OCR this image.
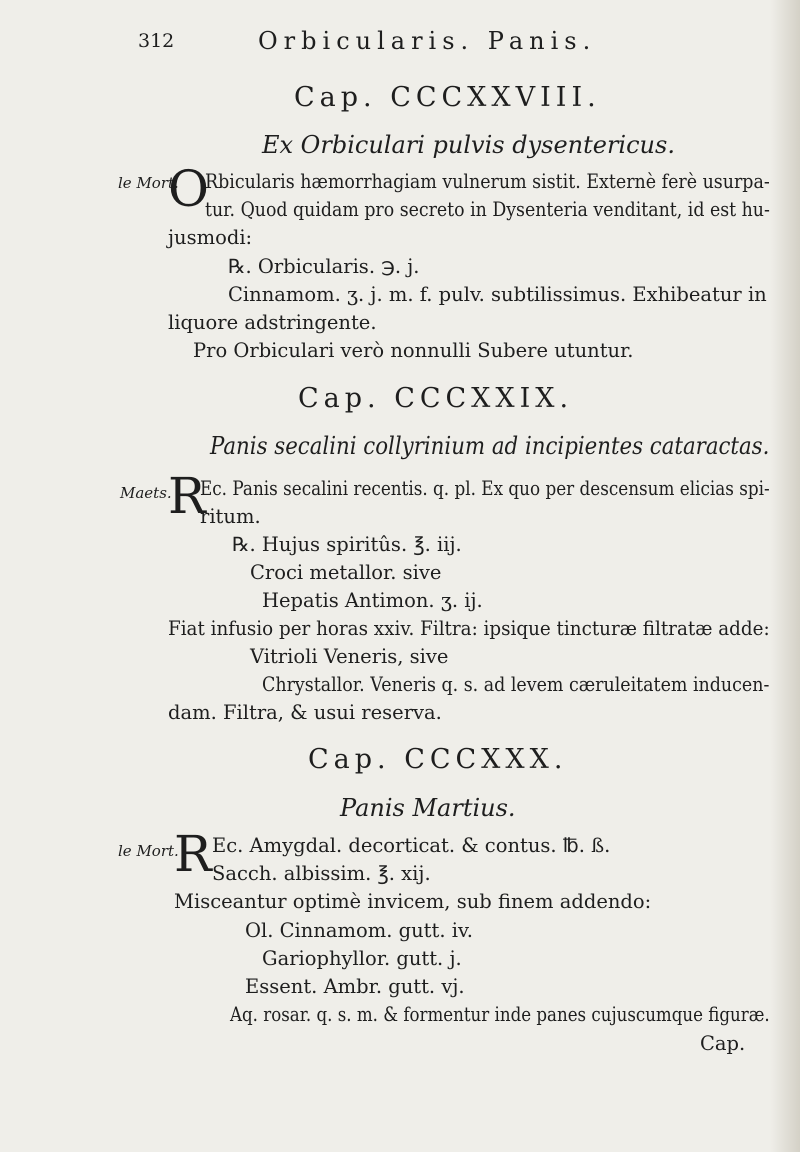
312	Orbicularis. Panis.
Cap. CCCXXVIII.
Ex Orbiculari pulvis dysentericus.
le Mort.
O
Rbicularis hæmorrhagiam vulnerum sistit. Externè ferè usurpa-
tur. Quod quidam pro secreto in Dysenteria venditant, id est hu-
jusmodi:
℞. Orbicularis. ℈. j.
Cinnamom. ʒ. j. m. f. pulv. subtilissimus. Exhibeatur in
liquore adstringente.
Pro Orbiculari verò nonnulli Subere utuntur.
Cap. CCCXXIX.
Panis secalini collyrinium ad incipientes cataractas.
Maets.
R
Ec. Panis secalini recentis. q. pl. Ex quo per descensum elicias spi-
ritum.
℞. Hujus spiritûs. ℥. iij.
Croci metallor. sive
Hepatis Antimon. ʒ. ij.
Fiat infusio per horas xxiv. Filtra: ipsique tincturæ filtratæ adde:
Vitrioli Veneris, sive
Chrystallor. Veneris q. s. ad levem cæruleitatem inducen-
dam. Filtra, & usui reserva.
Cap. CCCXXX.
Panis Martius.
le Mort.
R Ec. Amygdal. decorticat. & contus. ℔. ß.
Sacch. albissim. ℥. xij.
Misceantur optimè invicem, sub finem addendo:
Ol. Cinnamom. gutt. iv.
Gariophyllor. gutt. j.
Essent. Ambr. gutt. vj.
Aq. rosar. q. s. m. & formentur inde panes cujuscumque figuræ.
Cap.
